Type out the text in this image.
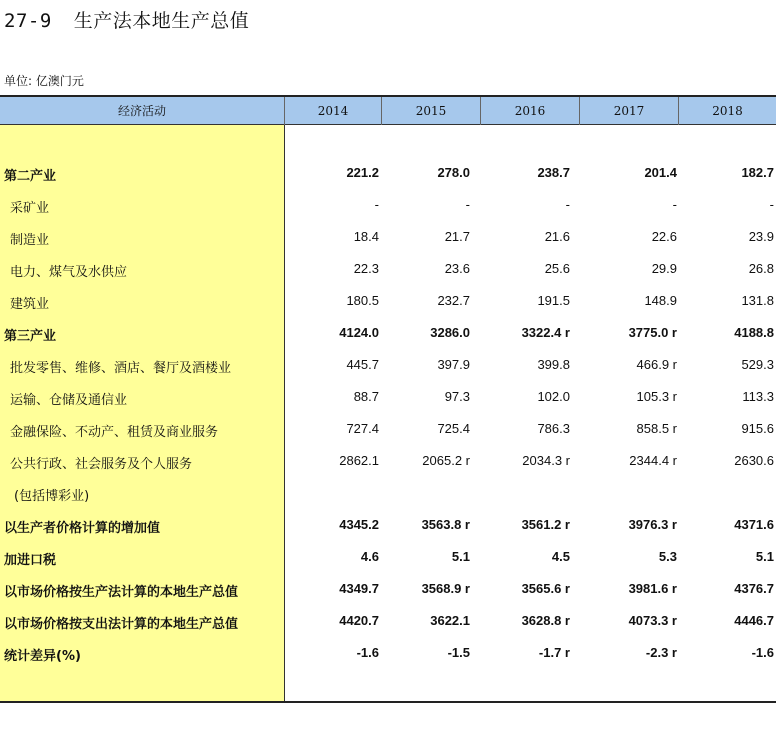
27-9 生产法本地生产总值
单位: 亿澳门元
经济活动	2014	2015	2016	2017	2018
第二产业	221.2	278.0	238.7	201.4	182.7
采矿业	-	-	-	-	-
制造业	18.4	21.7	21.6	22.6	23.9
电力、煤气及水供应	22.3	23.6	25.6	29.9	26.8
建筑业	180.5	232.7	191.5	148.9	131.8
第三产业	4124.0	3286.0	3322.4 r	3775.0 r	4188.8
批发零售、维修、酒店、餐厅及酒楼业	445.7	397.9	399.8	466.9 r	529.3
运输、仓储及通信业	88.7	97.3	102.0	105.3 r	113.3
金融保险、不动产、租赁及商业服务	727.4	725.4	786.3	858.5 r	915.6
公共行政、社会服务及个人服务	2862.1	2065.2 r	2034.3 r	2344.4 r	2630.6
(包括博彩业)
以生产者价格计算的增加值	4345.2	3563.8 r	3561.2 r	3976.3 r	4371.6
加进口税	4.6	5.1	4.5	5.3	5.1
以市场价格按生产法计算的本地生产总值	4349.7	3568.9 r	3565.6 r	3981.6 r	4376.7
以市场价格按支出法计算的本地生产总值	4420.7	3622.1	3628.8 r	4073.3 r	4446.7
统计差异(%)	-1.6	-1.5	-1.7 r	-2.3 r	-1.6
